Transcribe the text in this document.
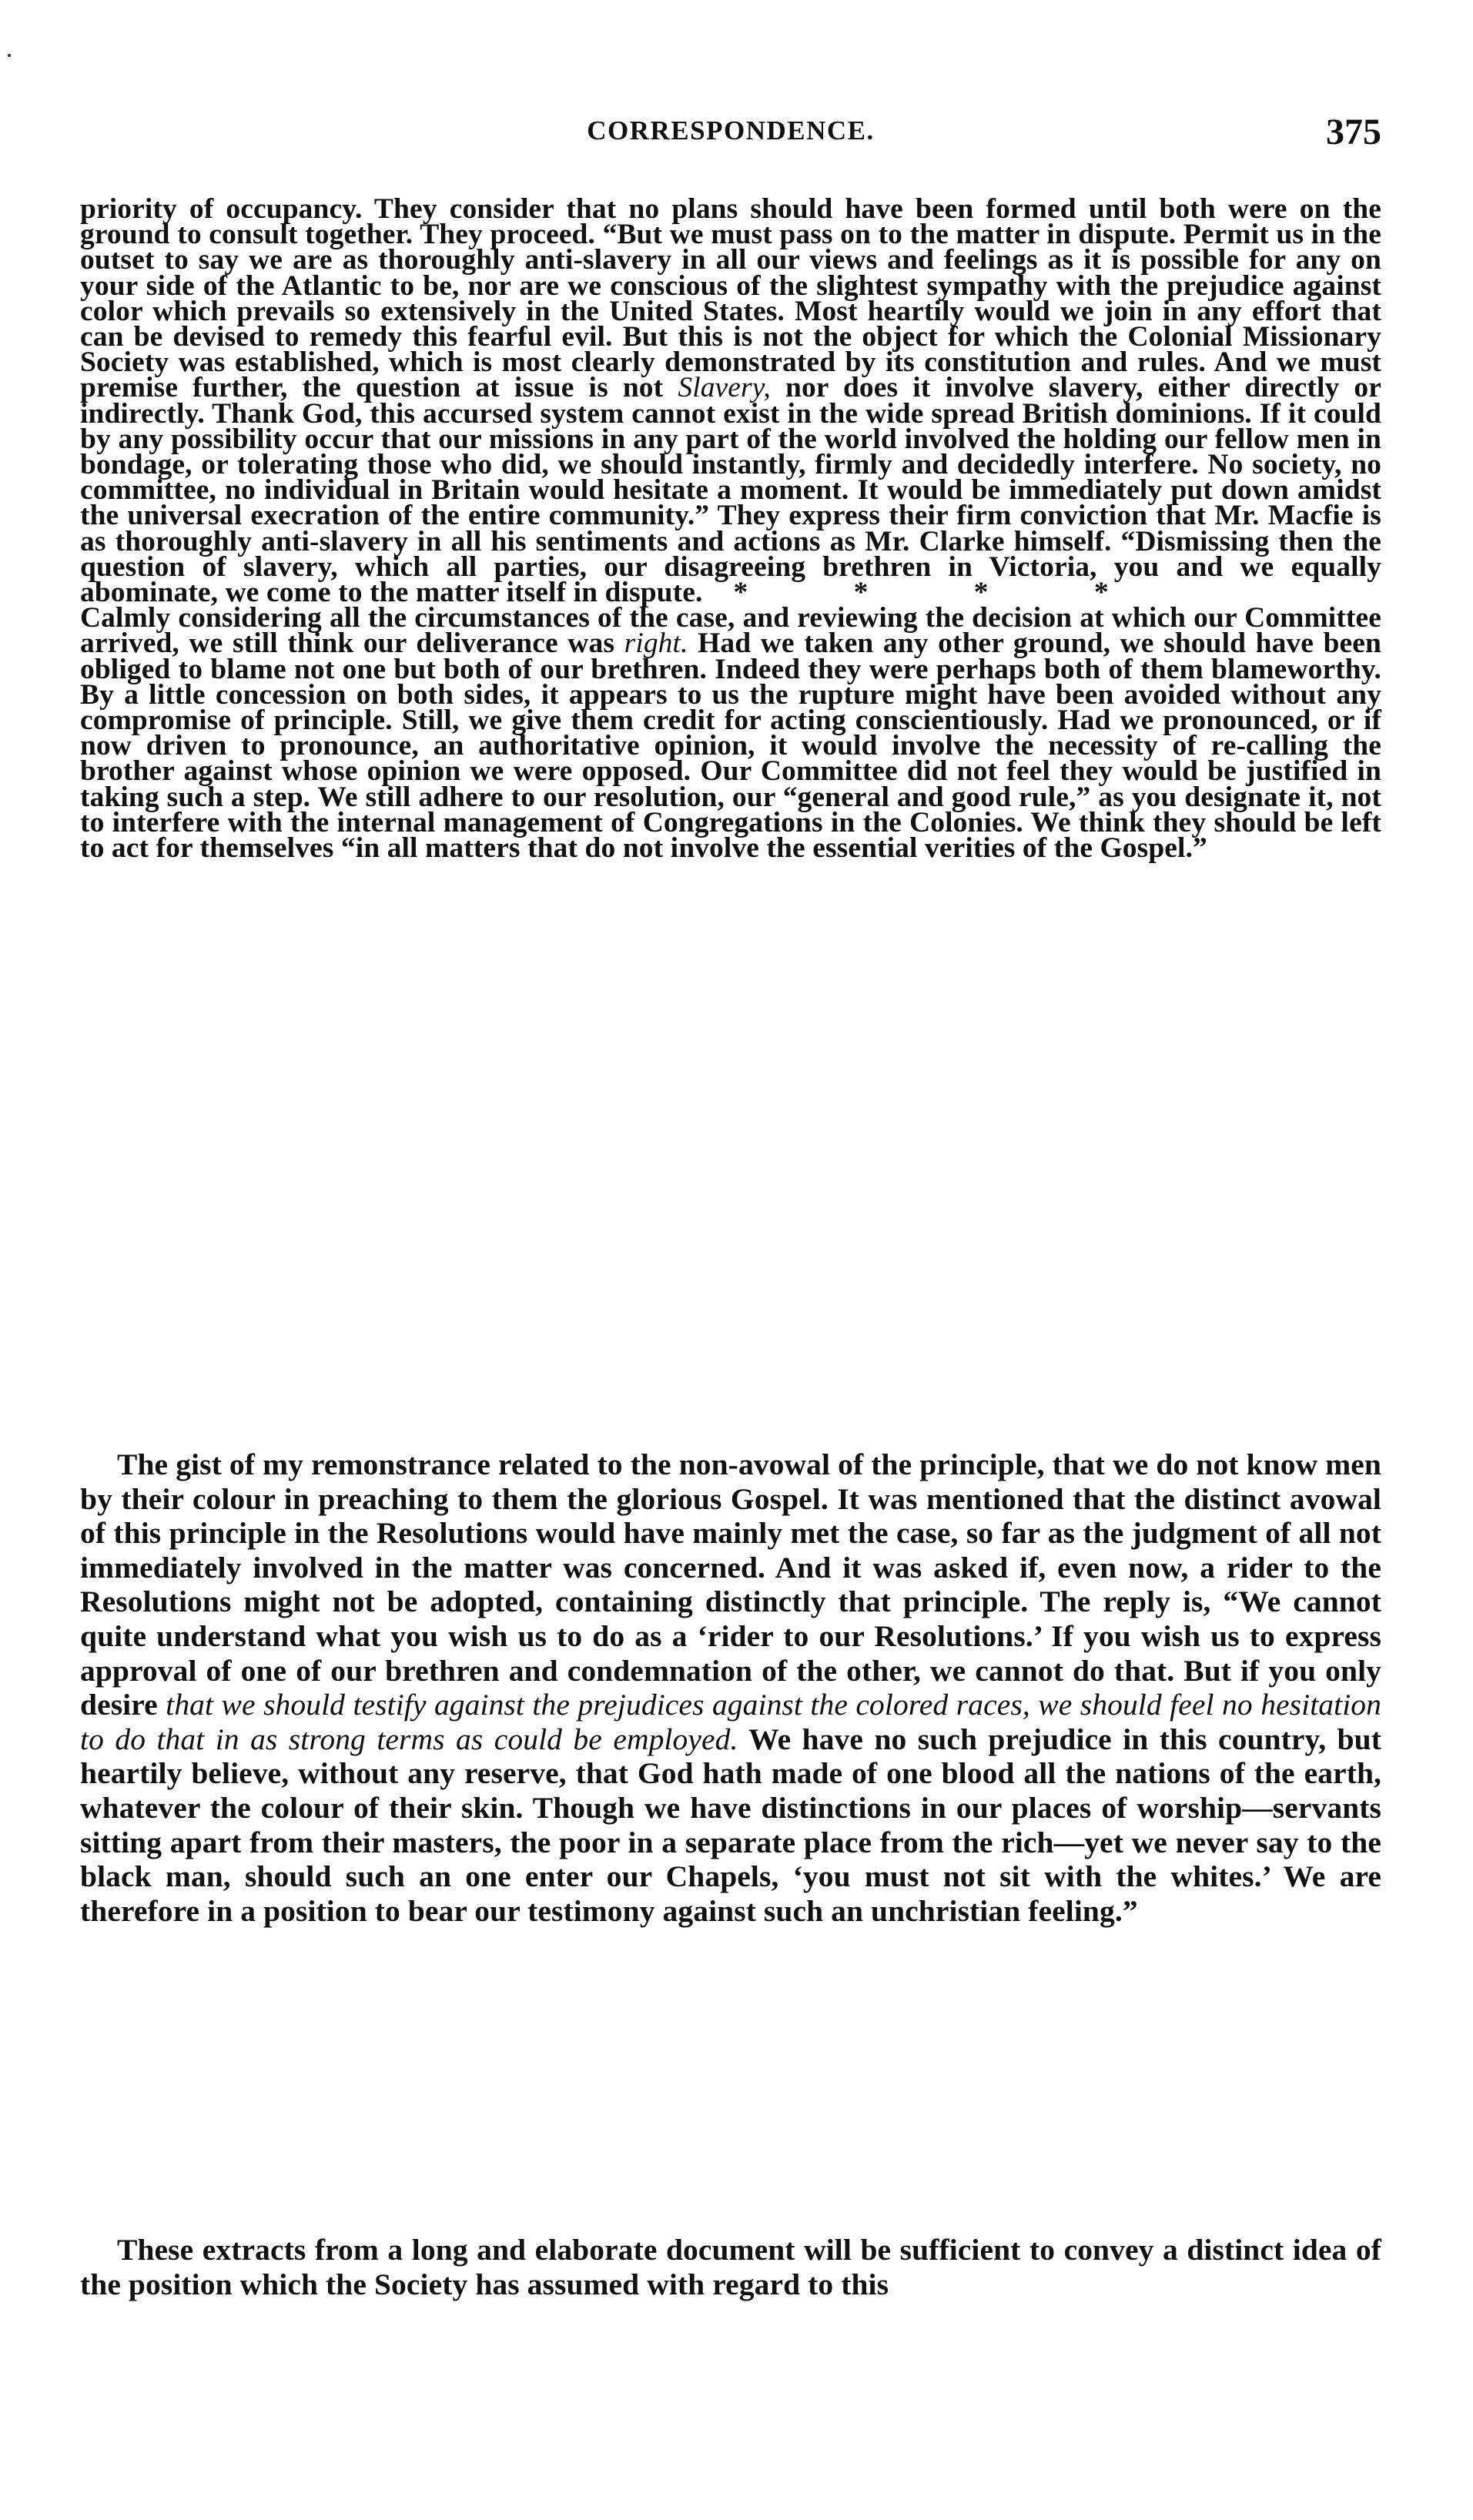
CORRESPONDENCE.	375

priority of occupancy. They consider that no plans should have been formed until both were on the ground to consult together. They proceed. “But we must pass on to the matter in dispute. Permit us in the outset to say we are as thoroughly anti-slavery in all our views and feelings as it is possible for any on your side of the Atlantic to be, nor are we conscious of the slightest sympathy with the prejudice against color which prevails so extensively in the United States. Most heartily would we join in any effort that can be devised to remedy this fearful evil. But this is not the object for which the Colonial Missionary Society was established, which is most clearly demonstrated by its constitution and rules. And we must premise further, the question at issue is not Slavery, nor does it involve slavery, either directly or indirectly. Thank God, this accursed system cannot exist in the wide spread British dominions. If it could by any possibility occur that our missions in any part of the world involved the holding our fellow men in bondage, or tolerating those who did, we should instantly, firmly and decidedly interfere. No society, no committee, no individual in Britain would hesitate a moment. It would be immediately put down amidst the universal execration of the entire community.” They express their firm conviction that Mr. Macfie is as thoroughly anti-slavery in all his sentiments and actions as Mr. Clarke himself. “Dismissing then the question of slavery, which all parties, our disagreeing brethren in Victoria, you and we equally abominate, we come to the matter itself in dispute. * * * *

Calmly considering all the circumstances of the case, and reviewing the decision at which our Committee arrived, we still think our deliverance was right. Had we taken any other ground, we should have been obliged to blame not one but both of our brethren. Indeed they were perhaps both of them blameworthy. By a little concession on both sides, it appears to us the rupture might have been avoided without any compromise of principle. Still, we give them credit for acting conscientiously. Had we pronounced, or if now driven to pronounce, an authoritative opinion, it would involve the necessity of re-calling the brother against whose opinion we were opposed. Our Committee did not feel they would be justified in taking such a step. We still adhere to our resolution, our “general and good rule,” as you designate it, not to interfere with the internal management of Congregations in the Colonies. We think they should be left to act for themselves “in all matters that do not involve the essential verities of the Gospel.”

The gist of my remonstrance related to the non-avowal of the principle, that we do not know men by their colour in preaching to them the glorious Gospel. It was mentioned that the distinct avowal of this principle in the Resolutions would have mainly met the case, so far as the judgment of all not immediately involved in the matter was concerned. And it was asked if, even now, a rider to the Resolutions might not be adopted, containing distinctly that principle. The reply is, “We cannot quite understand what you wish us to do as a ‘rider to our Resolutions.’ If you wish us to express approval of one of our brethren and condemnation of the other, we cannot do that. But if you only desire that we should testify against the prejudices against the colored races, we should feel no hesitation to do that in as strong terms as could be employed. We have no such prejudice in this country, but heartily believe, without any reserve, that God hath made of one blood all the nations of the earth, whatever the colour of their skin. Though we have distinctions in our places of worship—servants sitting apart from their masters, the poor in a separate place from the rich—yet we never say to the black man, should such an one enter our Chapels, ‘you must not sit with the whites.’ We are therefore in a position to bear our testimony against such an unchristian feeling.”

These extracts from a long and elaborate document will be sufficient to convey a distinct idea of the position which the Society has assumed with regard to this
